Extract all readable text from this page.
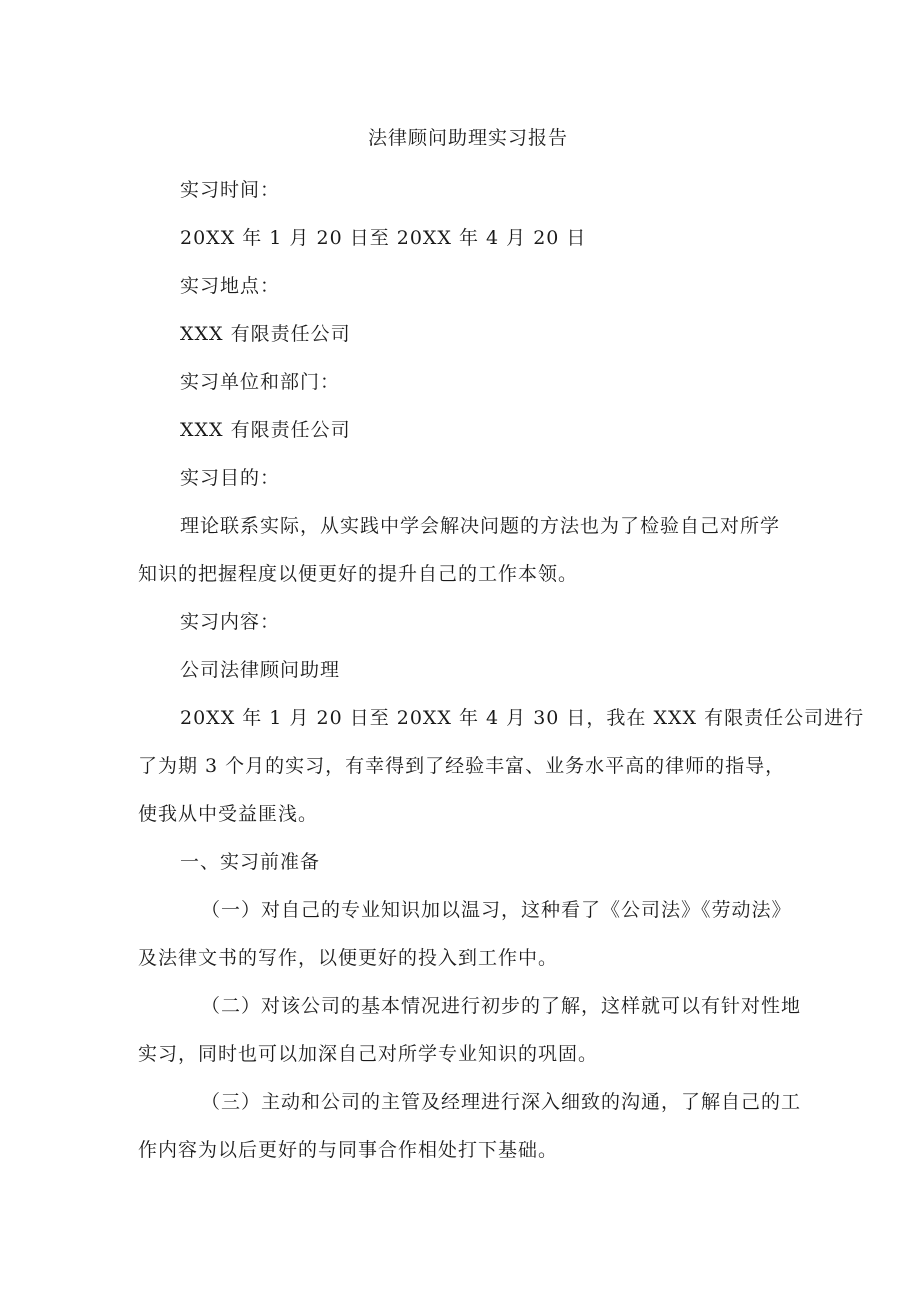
法律顾问助理实习报告

实习时间：

20XX 年 1 月 20 日至 20XX 年 4 月 20 日

实习地点：

XXX 有限责任公司

实习单位和部门：

XXX 有限责任公司

实习目的：

理论联系实际，从实践中学会解决问题的方法也为了检验自己对所学

知识的把握程度以便更好的提升自己的工作本领。

实习内容：

公司法律顾问助理

20XX 年 1 月 20 日至 20XX 年 4 月 30 日，我在 XXX 有限责任公司进行

了为期 3 个月的实习，有幸得到了经验丰富、业务水平高的律师的指导，

使我从中受益匪浅。

一、实习前准备

（一）对自己的专业知识加以温习，这种看了《公司法》《劳动法》

及法律文书的写作，以便更好的投入到工作中。

（二）对该公司的基本情况进行初步的了解，这样就可以有针对性地

实习，同时也可以加深自己对所学专业知识的巩固。

（三）主动和公司的主管及经理进行深入细致的沟通，了解自己的工

作内容为以后更好的与同事合作相处打下基础。
